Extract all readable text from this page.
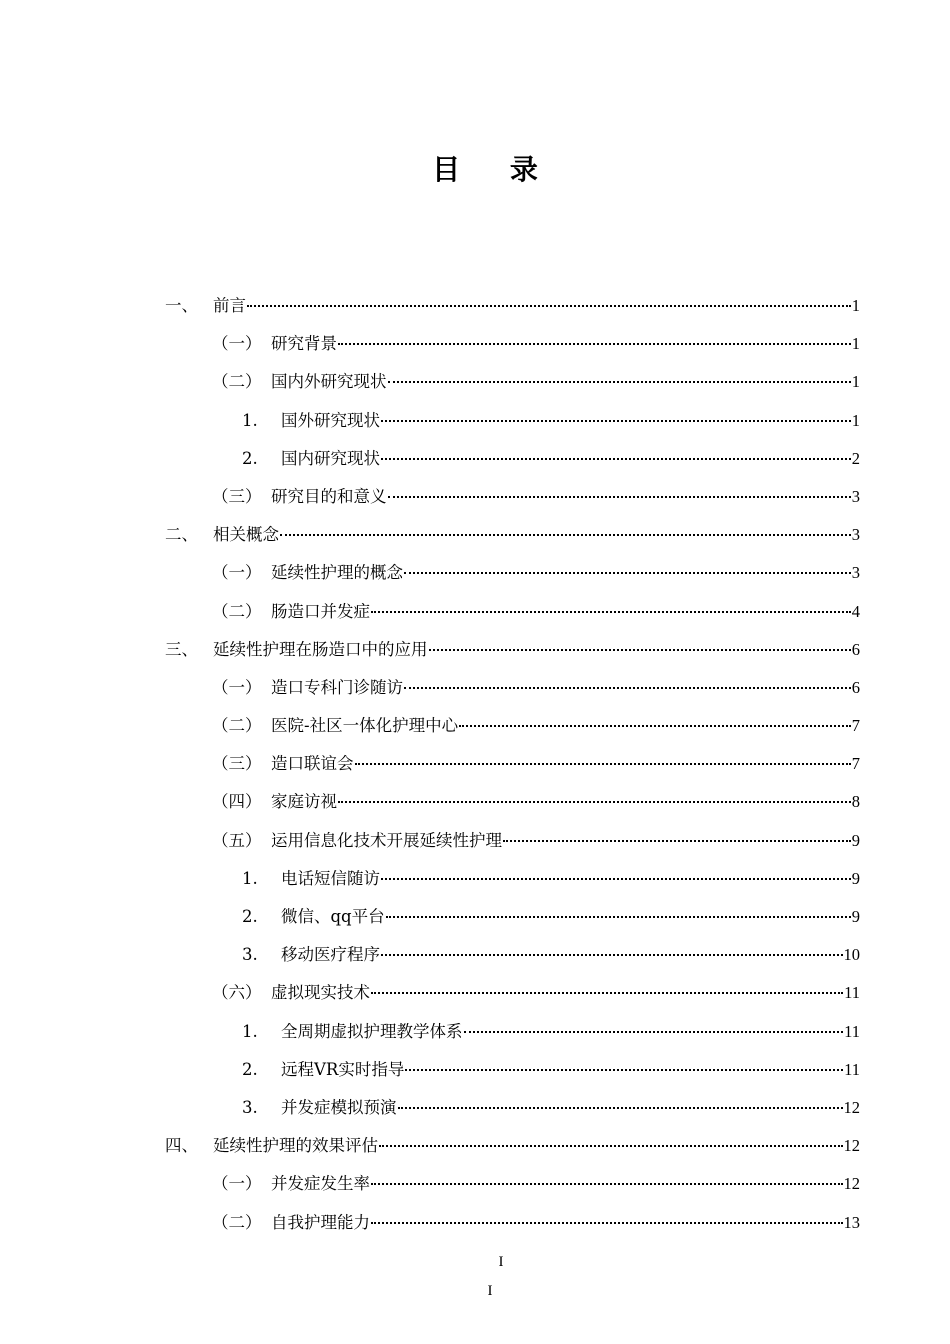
目 录
一、 前言	1
（一） 研究背景	1
（二） 国内外研究现状	1
1.	国外研究现状	1
2.	国内研究现状	2
（三） 研究目的和意义	3
二、 相关概念	3
（一） 延续性护理的概念	3
（二） 肠造口并发症	4
三、 延续性护理在肠造口中的应用	6
（一） 造口专科门诊随访	6
（二） 医院-社区一体化护理中心	7
（三） 造口联谊会	7
（四） 家庭访视	8
（五） 运用信息化技术开展延续性护理	9
1.	电话短信随访	9
2.	微信、qq平台	9
3.	移动医疗程序	10
（六） 虚拟现实技术	11
1.	全周期虚拟护理教学体系	11
2.	远程VR实时指导	11
3.	并发症模拟预演	12
四、 延续性护理的效果评估	12
（一） 并发症发生率	12
（二） 自我护理能力	13
I
I
